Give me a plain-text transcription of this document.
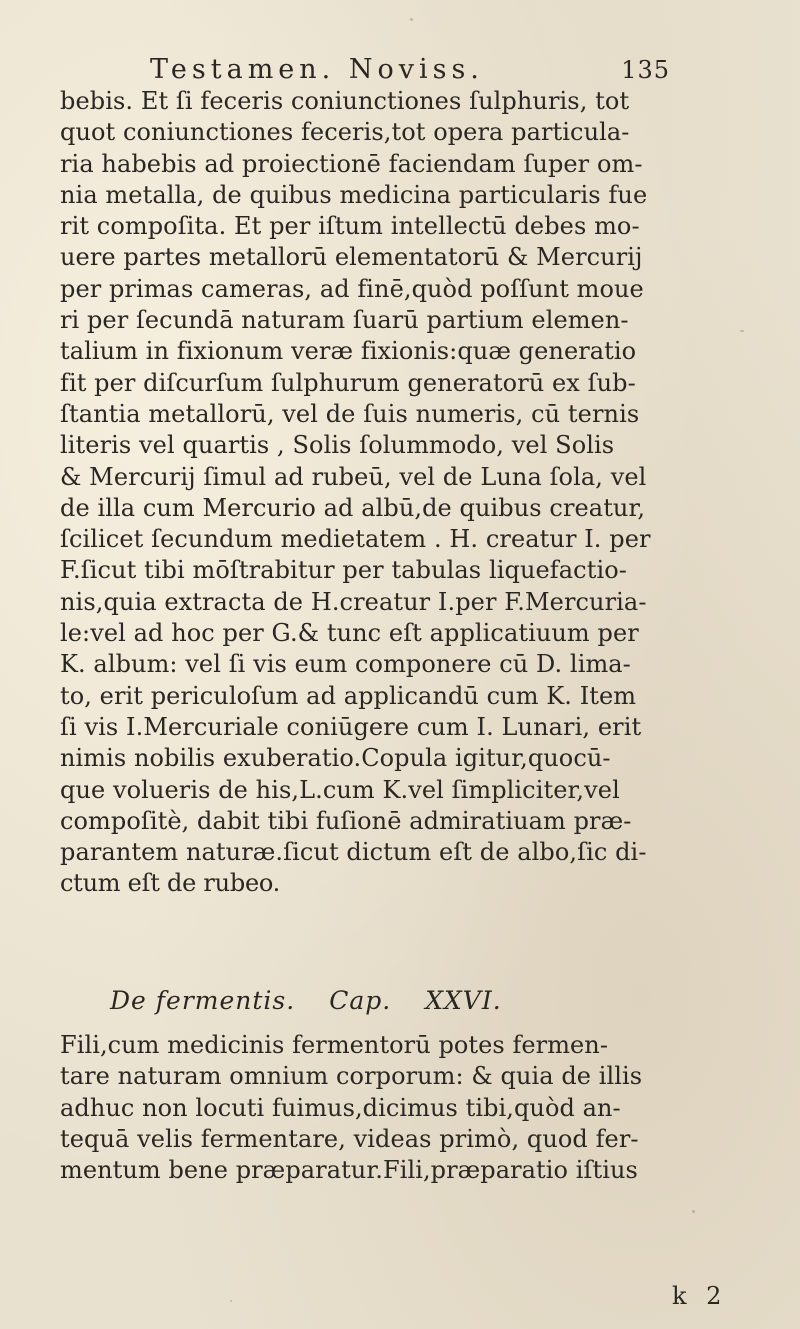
Testamen. Noviss.	135
bebis. Et ſi feceris coniunctiones ſulphuris, tot
quot coniunctiones feceris,tot opera particula-
ria habebis ad proiectionē faciendam ſuper om-
nia metalla, de quibus medicina particularis fue
rit compoſita. Et per iſtum intellectū debes mo-
uere partes metallorū elementatorū & Mercurij
per primas cameras, ad finē,quòd poſſunt moue
ri per ſecundā naturam ſuarū partium elemen-
talium in fixionum veræ fixionis:quæ generatio
fit per diſcurſum ſulphurum generatorū ex ſub-
ſtantia metallorū, vel de ſuis numeris, cū ternis
literis vel quartis , Solis ſolummodo, vel Solis
& Mercurij ſimul ad rubeū, vel de Luna ſola, vel
de illa cum Mercurio ad albū,de quibus creatur,
ſcilicet ſecundum medietatem . H. creatur I. per
F.ſicut tibi mōſtrabitur per tabulas liquefactio-
nis,quia extracta de H.creatur I.per F.Mercuria-
le:vel ad hoc per G.& tunc eſt applicatiuum per
K. album: vel ſi vis eum componere cū D. lima-
to, erit periculoſum ad applicandū cum K. Item
ſi vis I.Mercuriale coniūgere cum I. Lunari, erit
nimis nobilis exuberatio.Copula igitur,quocū-
que volueris de his,L.cum K.vel ſimpliciter,vel
compoſitè, dabit tibi fuſionē admiratiuam præ-
parantem naturæ.ſicut dictum eſt de albo,ſic di-
ctum eſt de rubeo.
De fermentis. Cap. XXVI.
Fili,cum medicinis fermentorū potes fermen-
tare naturam omnium corporum: & quia de illis
adhuc non locuti fuimus,dicimus tibi,quòd an-
tequā velis fermentare, videas primò, quod fer-
mentum bene præparatur.Fili,præparatio iſtius
k 2
